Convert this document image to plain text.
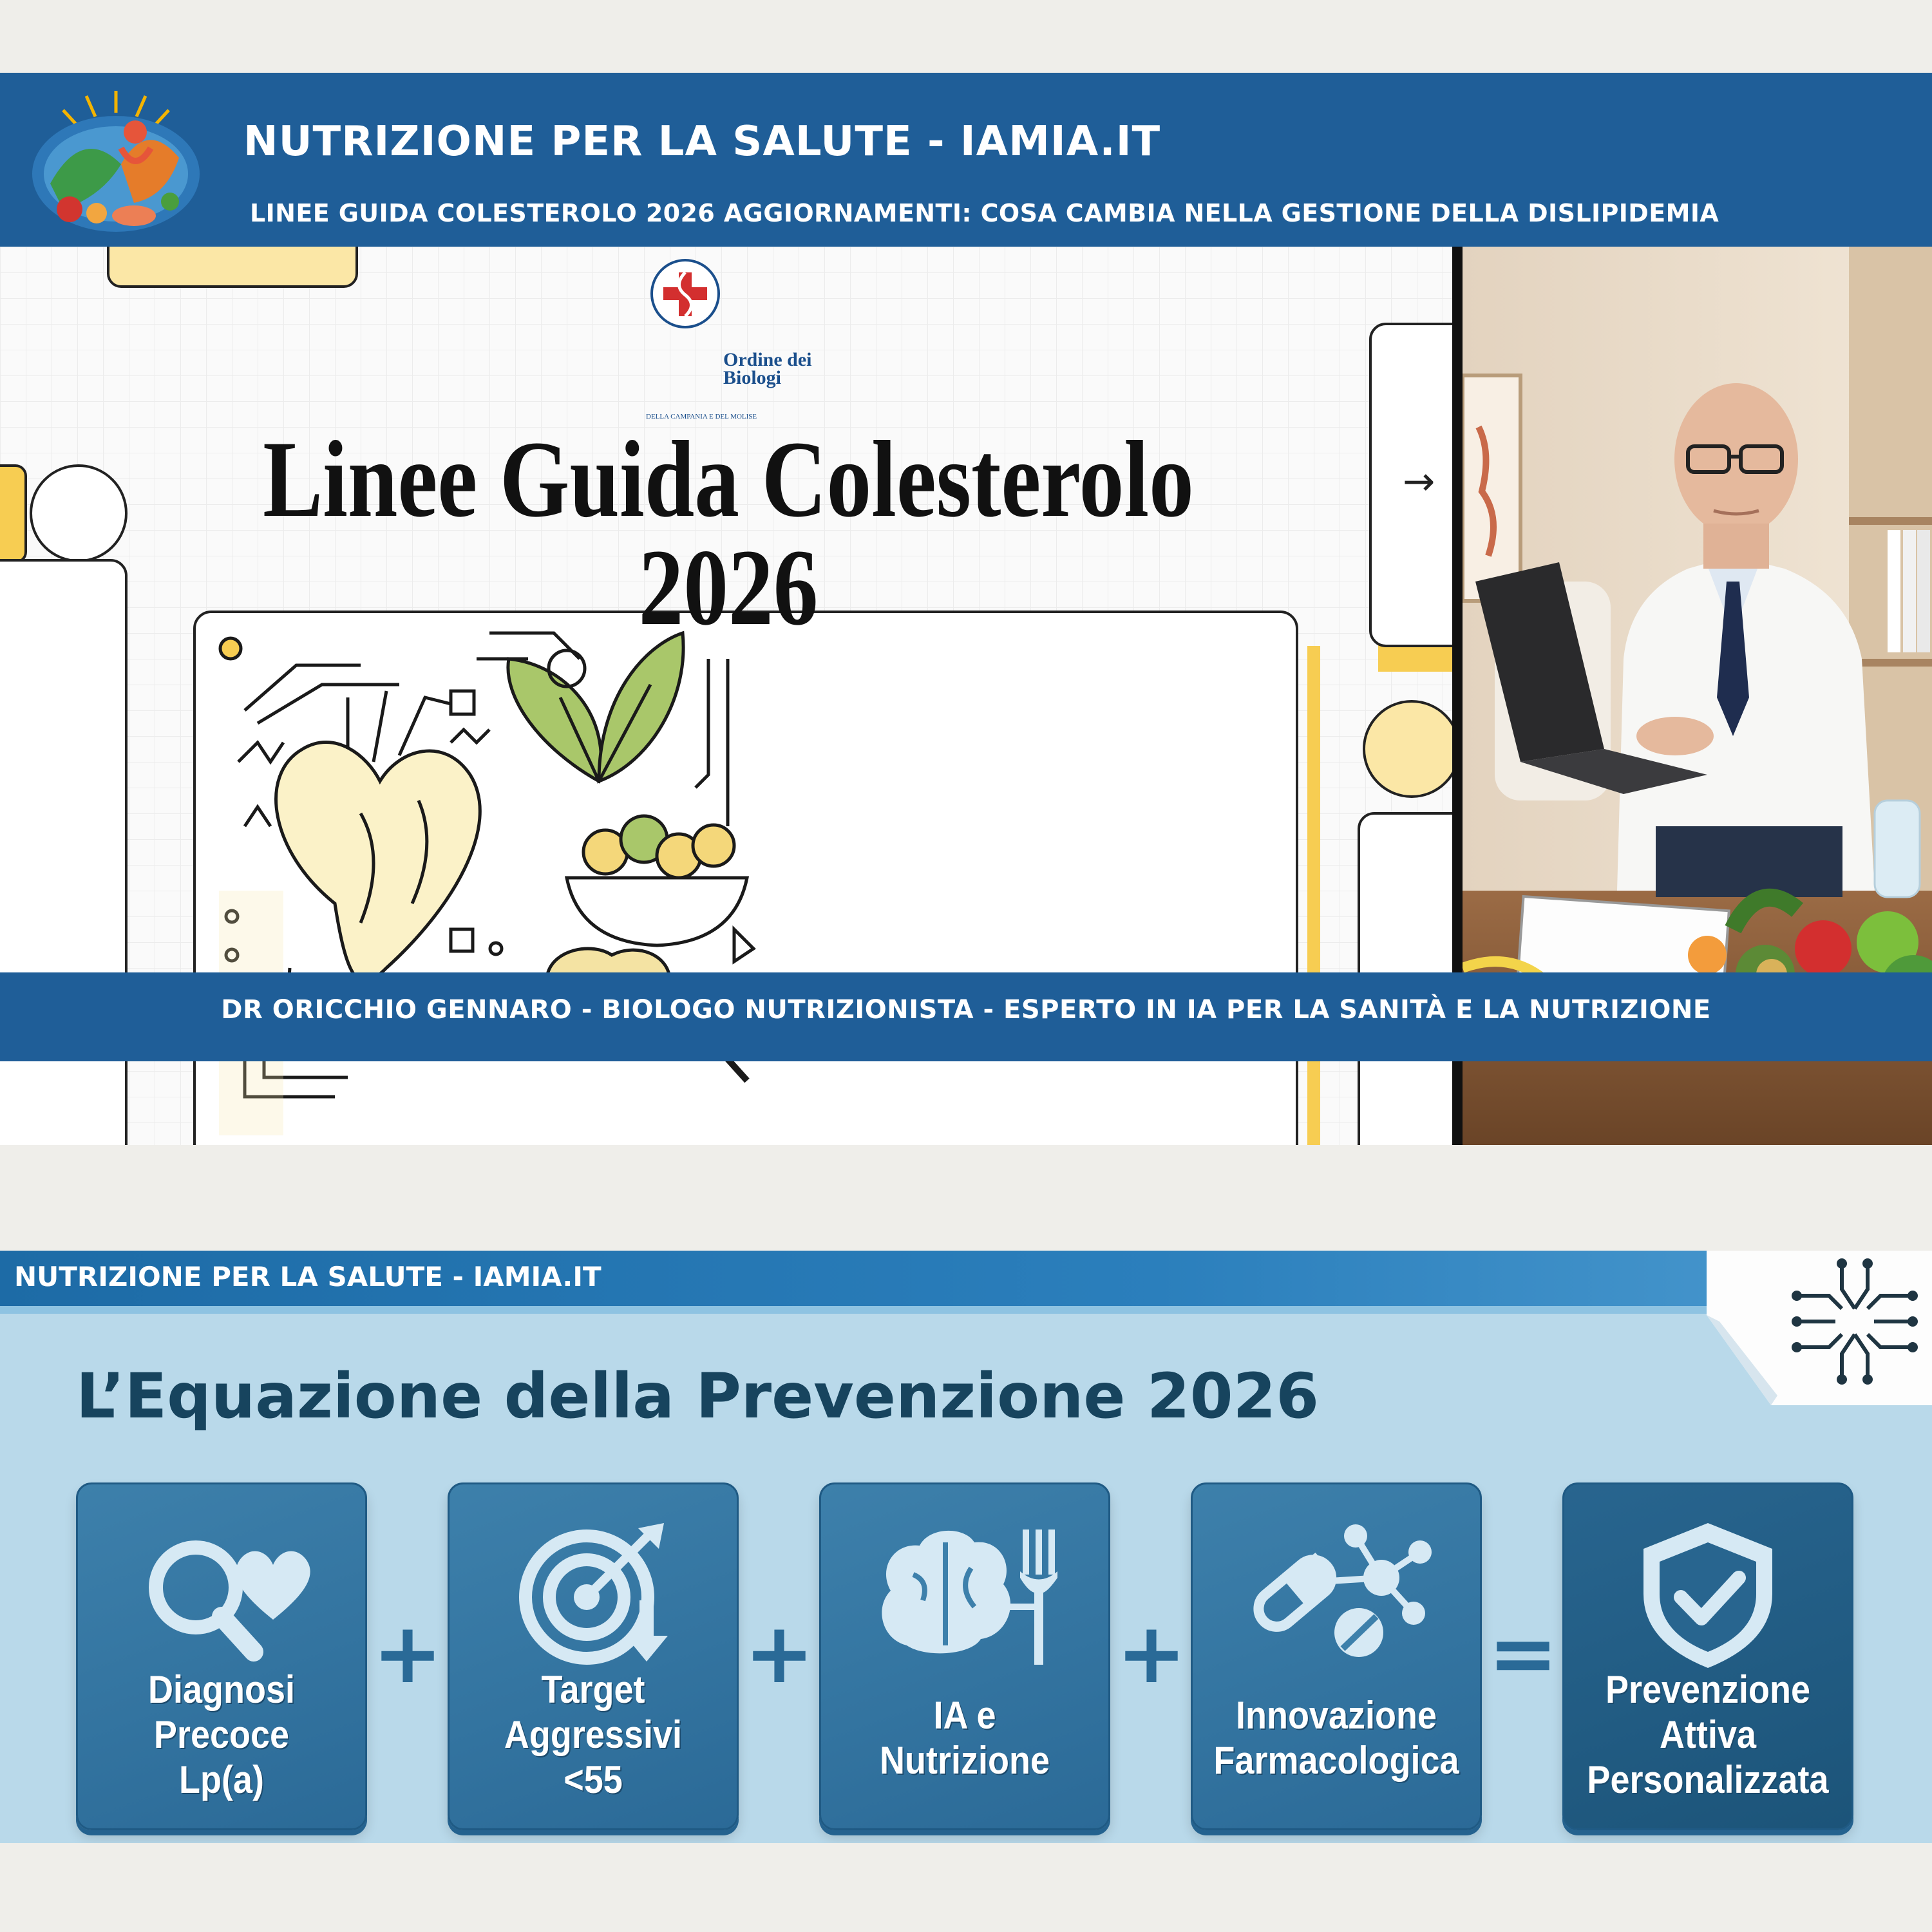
NUTRIZIONE PER LA SALUTE - IAMIA.IT
LINEE GUIDA COLESTEROLO 2026 AGGIORNAMENTI: COSA CAMBIA NELLA GESTIONE DELLA DISLIPIDEMIA
Ordine dei
Biologi
DELLA CAMPANIA E DEL MOLISE
Linee Guida Colesterolo
2026
→
DR ORICCHIO GENNARO - BIOLOGO NUTRIZIONISTA - ESPERTO IN IA PER LA SANITÀ E LA NUTRIZIONE
NUTRIZIONE PER LA SALUTE - IAMIA.IT
L’Equazione della Prevenzione 2026
Diagnosi
Precoce
Lp(a)
+	Target
Aggressivi
<55
+
IA e
Nutrizione
+
Innovazione
Farmacologica
=	Prevenzione
Attiva
Personalizzata
